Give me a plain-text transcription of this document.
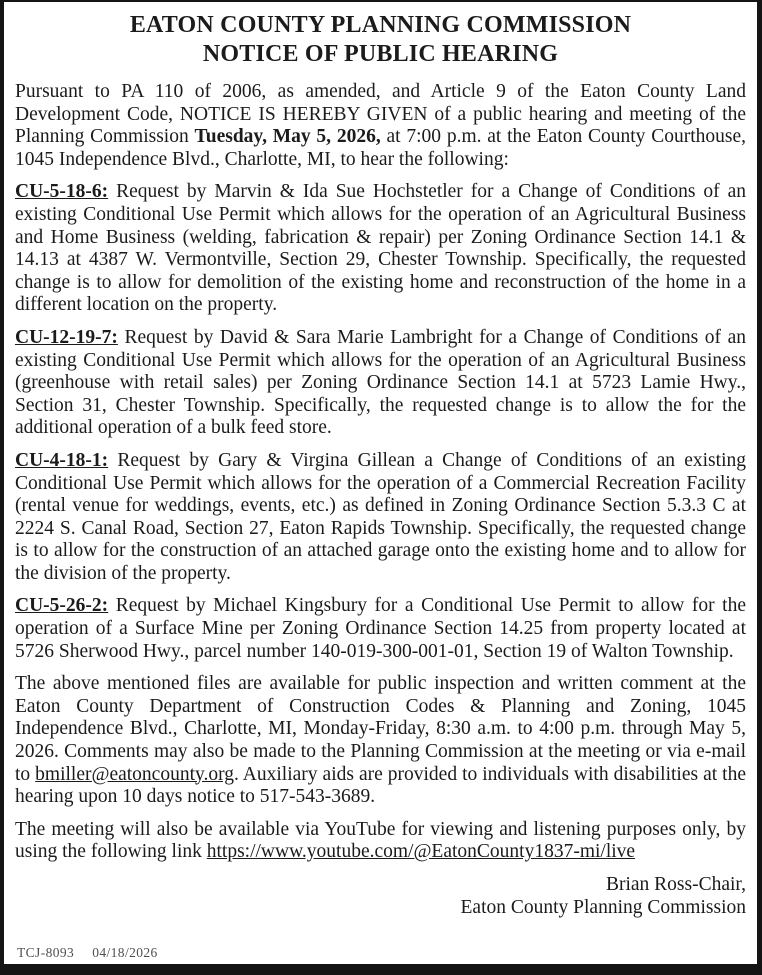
EATON COUNTY PLANNING COMMISSION
NOTICE OF PUBLIC HEARING

Pursuant to PA 110 of 2006, as amended, and Article 9 of the Eaton County Land Development Code, NOTICE IS HEREBY GIVEN of a public hearing and meeting of the Planning Commission Tuesday, May 5, 2026, at 7:00 p.m. at the Eaton County Courthouse, 1045 Independence Blvd., Charlotte, MI, to hear the following:

CU-5-18-6: Request by Marvin & Ida Sue Hochstetler for a Change of Conditions of an existing Conditional Use Permit which allows for the operation of an Agricultural Business and Home Business (welding, fabrication & repair) per Zoning Ordinance Section 14.1 & 14.13 at 4387 W. Vermontville, Section 29, Chester Township. Specifically, the requested change is to allow for demolition of the existing home and reconstruction of the home in a different location on the property.

CU-12-19-7: Request by David & Sara Marie Lambright for a Change of Conditions of an existing Conditional Use Permit which allows for the operation of an Agricultural Business (greenhouse with retail sales) per Zoning Ordinance Section 14.1 at 5723 Lamie Hwy., Section 31, Chester Township. Specifically, the requested change is to allow the for the additional operation of a bulk feed store.

CU-4-18-1: Request by Gary & Virgina Gillean a Change of Conditions of an existing Conditional Use Permit which allows for the operation of a Commercial Recreation Facility (rental venue for weddings, events, etc.) as defined in Zoning Ordinance Section 5.3.3 C at 2224 S. Canal Road, Section 27, Eaton Rapids Township. Specifically, the requested change is to allow for the construction of an attached garage onto the existing home and to allow for the division of the property.

CU-5-26-2: Request by Michael Kingsbury for a Conditional Use Permit to allow for the operation of a Surface Mine per Zoning Ordinance Section 14.25 from property located at 5726 Sherwood Hwy., parcel number 140-019-300-001-01, Section 19 of Walton Township.

The above mentioned files are available for public inspection and written comment at the Eaton County Department of Construction Codes & Planning and Zoning, 1045 Independence Blvd., Charlotte, MI, Monday-Friday, 8:30 a.m. to 4:00 p.m. through May 5, 2026. Comments may also be made to the Planning Commission at the meeting or via e-mail to bmiller@eatoncounty.org. Auxiliary aids are provided to individuals with disabilities at the hearing upon 10 days notice to 517-543-3689.

The meeting will also be available via YouTube for viewing and listening purposes only, by using the following link https://www.youtube.com/@EatonCounty1837-mi/live

Brian Ross-Chair,
Eaton County Planning Commission
TCJ-8093 04/18/2026
